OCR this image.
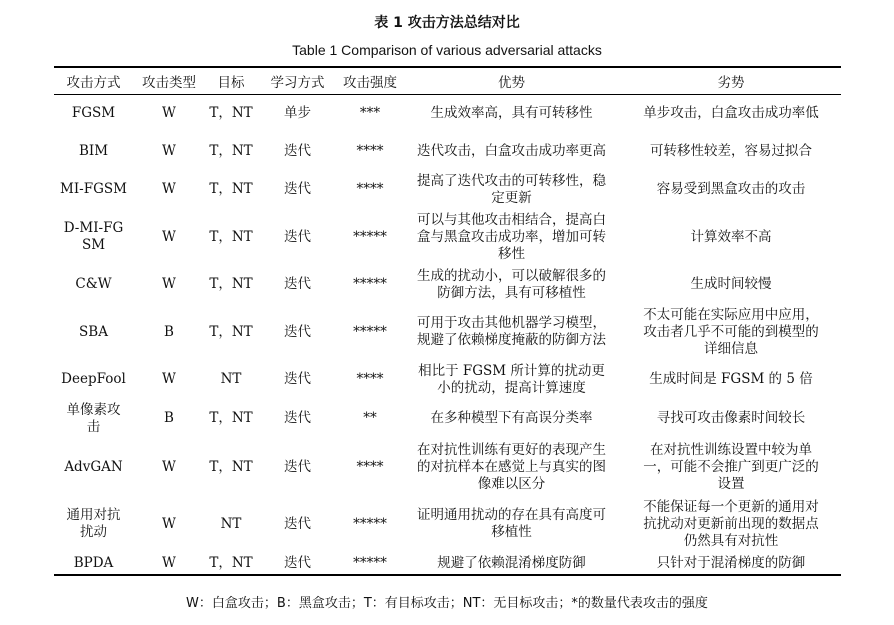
表 1 攻击方法总结对比
Table 1 Comparison of various adversarial attacks
攻击方式	攻击类型	目标	学习方式	攻击强度	优势	劣势
FGSM	W	T，NT	单步	***	生成效率高，具有可转移性	单步攻击，白盒攻击成功率低
BIM	W	T，NT	迭代	****	迭代攻击，白盒攻击成功率更高	可转移性较差，容易过拟合
MI-FGSM	W	T，NT	迭代	****	提高了迭代攻击的可转移性，稳定更新	容易受到黑盒攻击的攻击
D-MI-FGSM	W	T，NT	迭代	*****	可以与其他攻击相结合，提高白盒与黑盒攻击成功率，增加可转移性	计算效率不高
C&W	W	T，NT	迭代	*****	生成的扰动小，可以破解很多的防御方法，具有可移植性	生成时间较慢
SBA	B	T，NT	迭代	*****	可用于攻击其他机器学习模型，规避了依赖梯度掩蔽的防御方法	不太可能在实际应用中应用，攻击者几乎不可能的到模型的详细信息
DeepFool	W	NT	迭代	****	相比于 FGSM 所计算的扰动更小的扰动，提高计算速度	生成时间是 FGSM 的 5 倍
单像素攻击	B	T，NT	迭代	**	在多种模型下有高误分类率	寻找可攻击像素时间较长
AdvGAN	W	T，NT	迭代	****	在对抗性训练有更好的表现产生的对抗样本在感觉上与真实的图像难以区分	在对抗性训练设置中较为单一，可能不会推广到更广泛的设置
通用对抗扰动	W	NT	迭代	*****	证明通用扰动的存在具有高度可移植性	不能保证每一个更新的通用对抗扰动对更新前出现的数据点仍然具有对抗性
BPDA	W	T，NT	迭代	*****	规避了依赖混淆梯度防御	只针对于混淆梯度的防御
W：白盒攻击；B：黑盒攻击；T：有目标攻击；NT：无目标攻击；*的数量代表攻击的强度
